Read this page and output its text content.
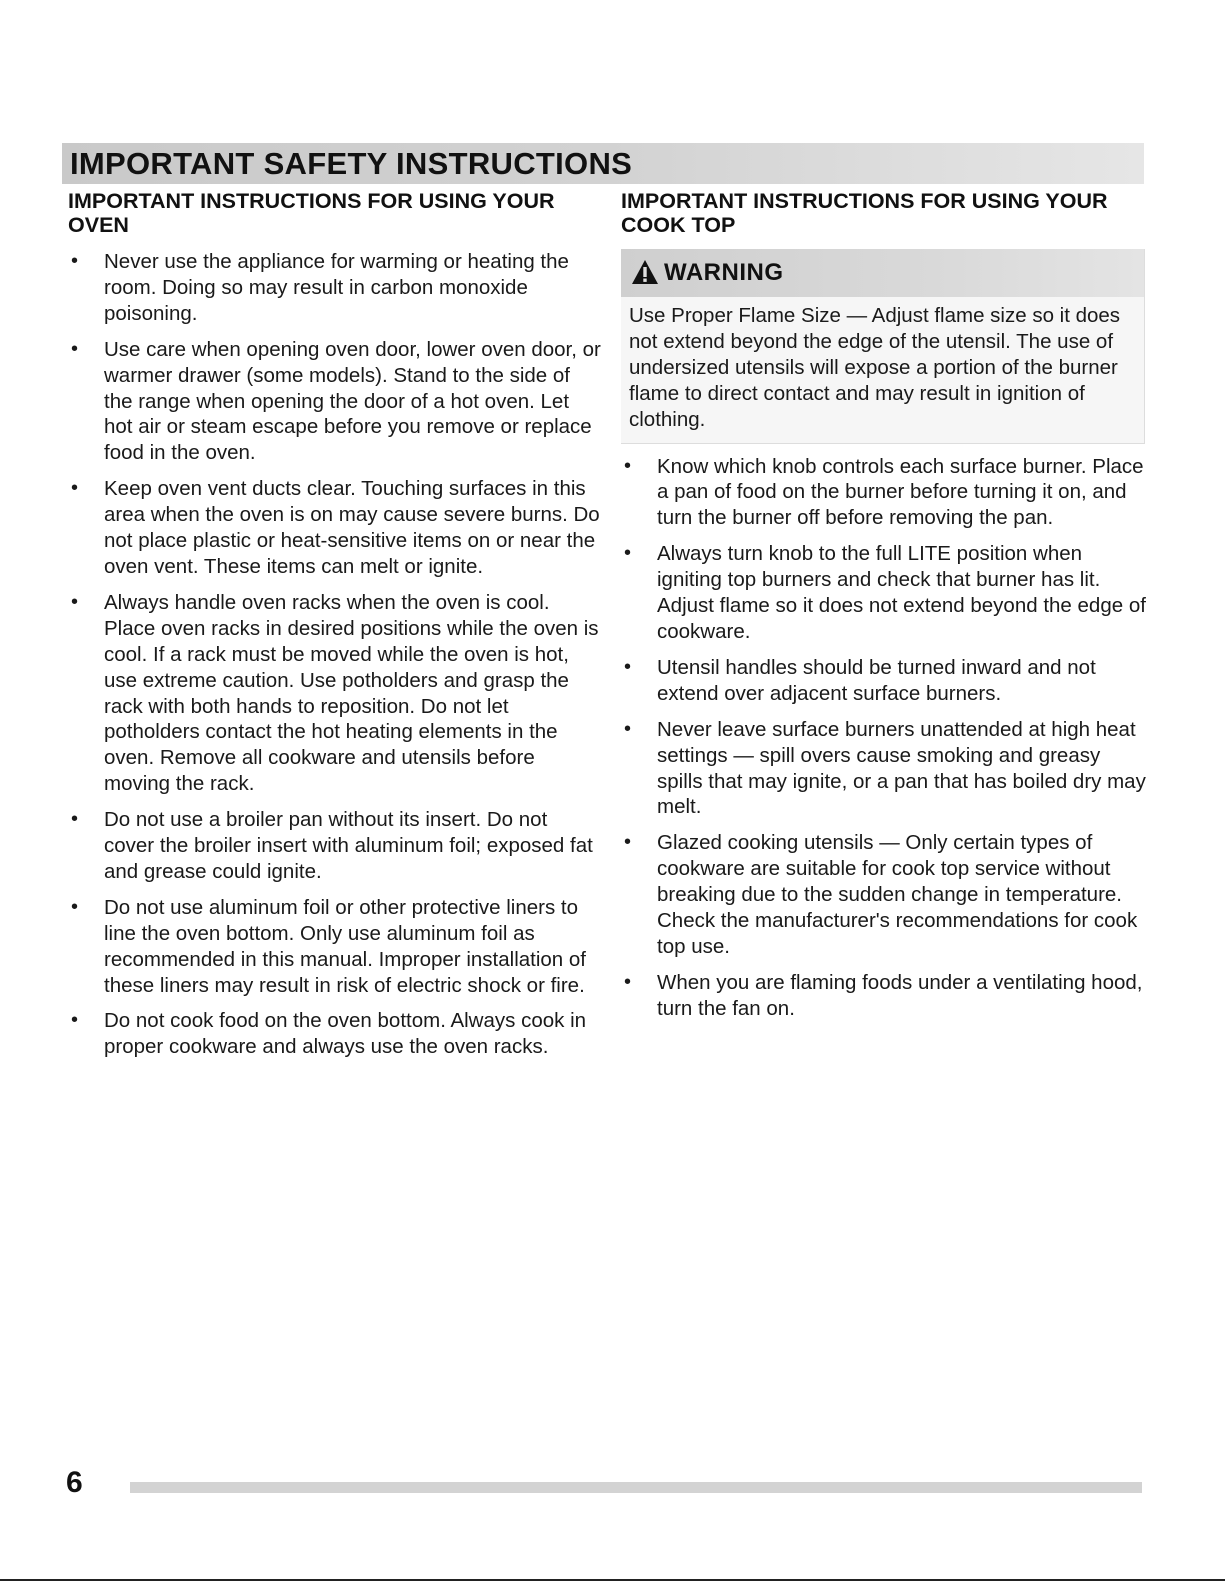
IMPORTANT SAFETY INSTRUCTIONS
IMPORTANT INSTRUCTIONS FOR USING YOUR
OVEN
• Never use the appliance for warming or heating the room. Doing so may result in carbon monoxide poisoning.
• Use care when opening oven door, lower oven door, or warmer drawer (some models). Stand to the side of the range when opening the door of a hot oven. Let hot air or steam escape before you remove or replace food in the oven.
• Keep oven vent ducts clear. Touching surfaces in this area when the oven is on may cause severe burns. Do not place plastic or heat-sensitive items on or near the oven vent. These items can melt or ignite.
• Always handle oven racks when the oven is cool. Place oven racks in desired positions while the oven is cool. If a rack must be moved while the oven is hot, use extreme caution. Use potholders and grasp the rack with both hands to reposition. Do not let potholders contact the hot heating elements in the oven. Remove all cookware and utensils before moving the rack.
• Do not use a broiler pan without its insert. Do not cover the broiler insert with aluminum foil; exposed fat and grease could ignite.
• Do not use aluminum foil or other protective liners to line the oven bottom. Only use aluminum foil as recommended in this manual. Improper installation of these liners may result in risk of electric shock or fire.
• Do not cook food on the oven bottom. Always cook in proper cookware and always use the oven racks.
IMPORTANT INSTRUCTIONS FOR USING YOUR
COOK TOP
WARNING
Use Proper Flame Size — Adjust flame size so it does not extend beyond the edge of the utensil. The use of undersized utensils will expose a portion of the burner flame to direct contact and may result in ignition of clothing.
• Know which knob controls each surface burner. Place a pan of food on the burner before turning it on, and turn the burner off before removing the pan.
• Always turn knob to the full LITE position when igniting top burners and check that burner has lit. Adjust flame so it does not extend beyond the edge of cookware.
• Utensil handles should be turned inward and not extend over adjacent surface burners.
• Never leave surface burners unattended at high heat settings — spill overs cause smoking and greasy spills that may ignite, or a pan that has boiled dry may melt.
• Glazed cooking utensils — Only certain types of cookware are suitable for cook top service without breaking due to the sudden change in temperature. Check the manufacturer's recommendations for cook top use.
• When you are flaming foods under a ventilating hood, turn the fan on.
6
